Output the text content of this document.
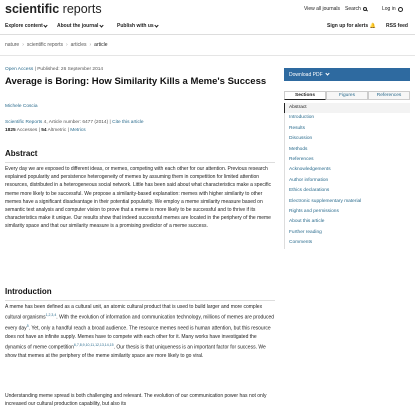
scientific reports	View all journals Search	Log in
Explore content	About the journal	Publish with us	Sign up for alerts 🔔 RSS feed
nature › scientific reports › articles › article
Open Access | Published: 26 September 2014
Average is Boring: How Similarity Kills a Meme's Success
Michele Coscia
Scientific Reports 4, Article number: 6477 (2014) | Cite this article
1825 Accesses | 54 Altmetric | Metrics
Abstract

Every day we are exposed to different ideas, or memes, competing with each other for our attention. Previous research explained popularity and persistence heterogeneity of memes by assuming them in competition for limited attention resources, distributed in a heterogeneous social network. Little has been said about what characteristics make a specific meme more likely to be successful. We propose a similarity-based explanation: memes with higher similarity to other memes have a significant disadvantage in their potential popularity. We employ a meme similarity measure based on semantic text analysis and computer vision to prove that a meme is more likely to be successful and to thrive if its characteristics make it unique. Our results show that indeed successful memes are located in the periphery of the meme similarity space and that our similarity measure is a promising predictor of a meme success.

Introduction

A meme has been defined as a cultural unit, an atomic cultural product that is used to build larger and more complex cultural organisms$^{1,2,3,4}$. With the evolution of information and communication technology, millions of memes are produced every day$^5$. Yet, only a handful reach a broad audience. The resource memes need is human attention, but this resource does not have an infinite supply. Memes have to compete with each other for it. Many works have investigated the dynamics of meme competition$^{6,7,8,9,10,11,12,13,14,15}$. Our thesis is that uniqueness is an important factor for success. We show that memes at the periphery of the meme similarity space are more likely to go viral.

Understanding meme spread is both challenging and relevant. The evolution of our communication power has not only increased our cultural production capability, but also its

Download PDF
Sections	Figures	References
Abstract
Introduction
Results
Discussion
Methods
References
Acknowledgements
Author information
Ethics declarations
Electronic supplementary material
Rights and permissions
About this article
Further reading
Comments
